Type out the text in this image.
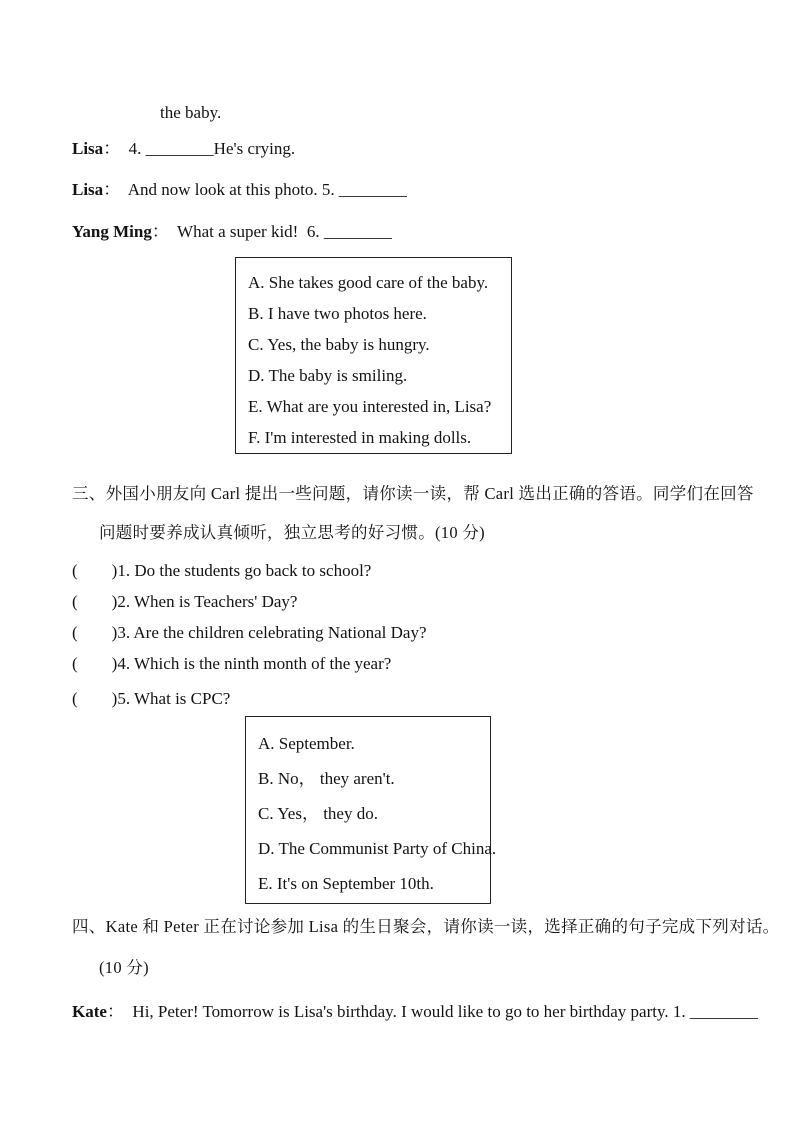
the baby.
Lisa：  4. ________He's crying.
Lisa：  And now look at this photo. 5. ________
Yang Ming：  What a super kid!  6. ________
A. She takes good care of the baby.
B. I have two photos here.
C. Yes, the baby is hungry.
D. The baby is smiling.
E. What are you interested in, Lisa?
F. I'm interested in making dolls.
三、外国小朋友向 Carl 提出一些问题，请你读一读，帮 Carl 选出正确的答语。同学们在回答
问题时要养成认真倾听，独立思考的好习惯。(10 分)
(        )1. Do the students go back to school?
(        )2. When is Teachers' Day?
(        )3. Are the children celebrating National Day?
(        )4. Which is the ninth month of the year?
(        )5. What is CPC?
A. September.
B. No， they aren't.
C. Yes， they do.
D. The Communist Party of China.
E. It's on September 10th.
四、Kate 和 Peter 正在讨论参加 Lisa 的生日聚会，请你读一读，选择正确的句子完成下列对话。
(10 分)
Kate：  Hi, Peter! Tomorrow is Lisa's birthday. I would like to go to her birthday party. 1. ________
